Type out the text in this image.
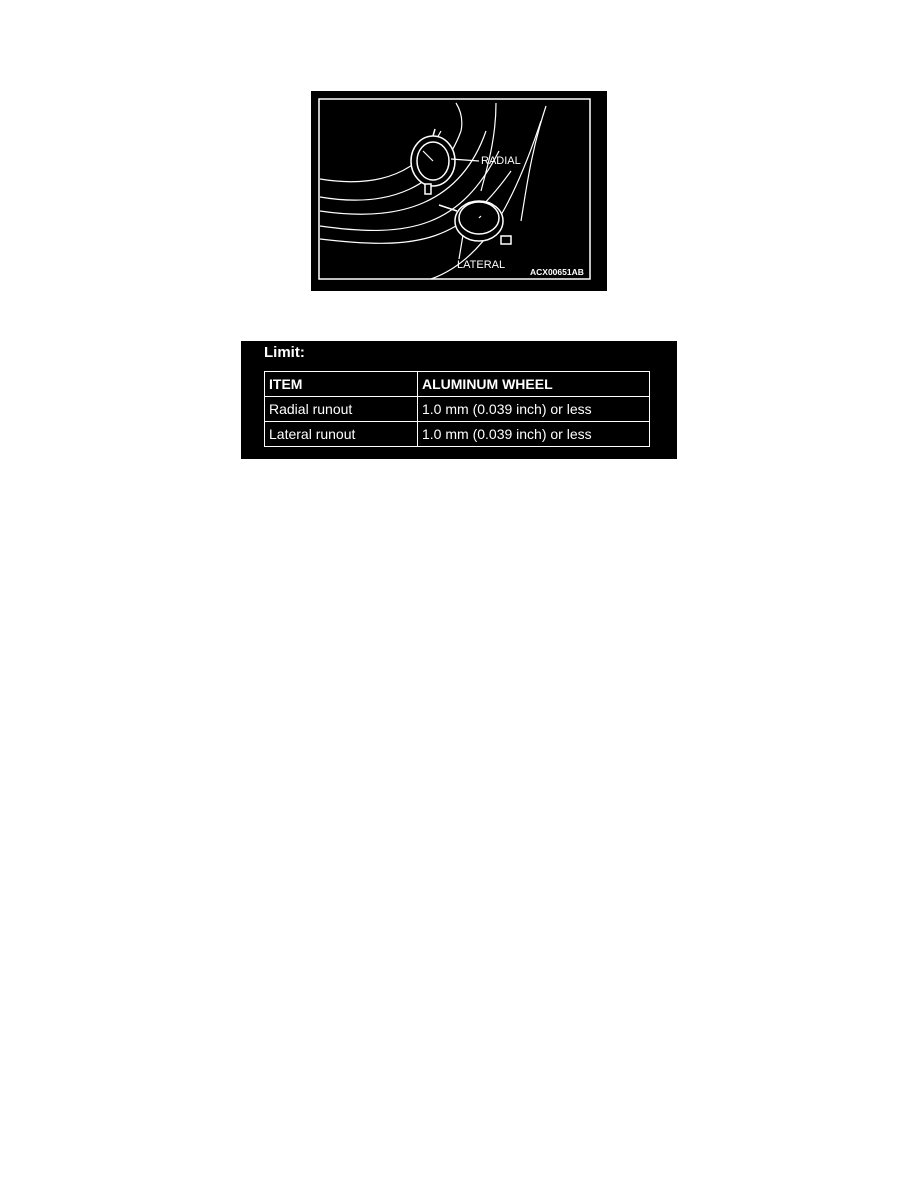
RADIAL
LATERAL
ACX00651AB
Limit:
ITEM	ALUMINUM WHEEL
Radial runout	1.0 mm (0.039 inch) or less
Lateral runout	1.0 mm (0.039 inch) or less
